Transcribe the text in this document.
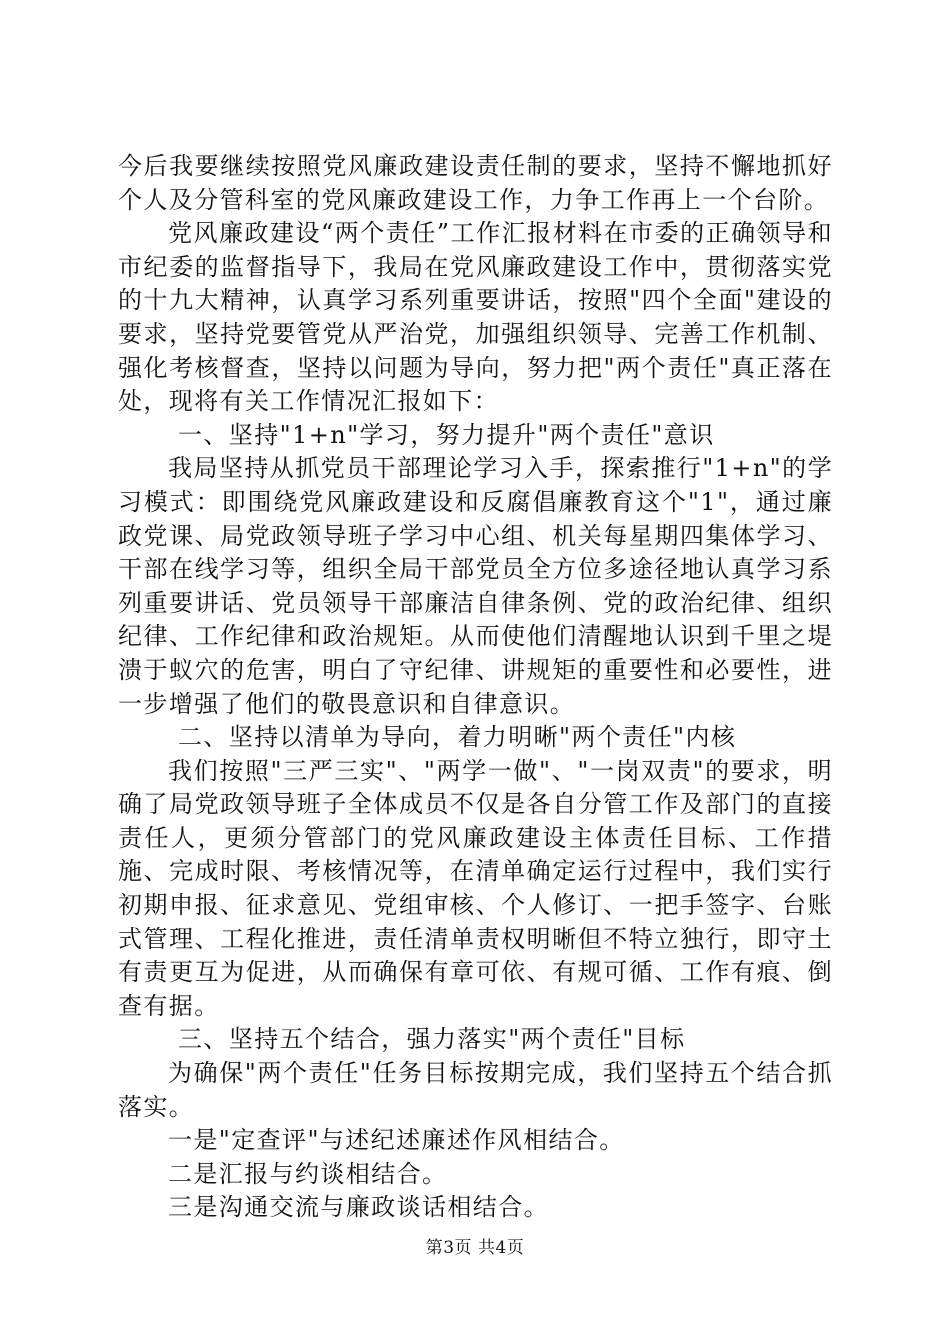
今后我要继续按照党风廉政建设责任制的要求，坚持不懈地抓好个人及分管科室的党风廉政建设工作，力争工作再上一个台阶。

党风廉政建设“两个责任”工作汇报材料在市委的正确领导和市纪委的监督指导下，我局在党风廉政建设工作中，贯彻落实党的十九大精神，认真学习系列重要讲话，按照"四个全面"建设的要求，坚持党要管党从严治党，加强组织领导、完善工作机制、强化考核督查，坚持以问题为导向，努力把"两个责任"真正落在处，现将有关工作情况汇报如下：

一、坚持"1+n"学习，努力提升"两个责任"意识

我局坚持从抓党员干部理论学习入手，探索推行"1+n"的学习模式：即围绕党风廉政建设和反腐倡廉教育这个"1"，通过廉政党课、局党政领导班子学习中心组、机关每星期四集体学习、干部在线学习等，组织全局干部党员全方位多途径地认真学习系列重要讲话、党员领导干部廉洁自律条例、党的政治纪律、组织纪律、工作纪律和政治规矩。从而使他们清醒地认识到千里之堤溃于蚁穴的危害，明白了守纪律、讲规矩的重要性和必要性，进一步增强了他们的敬畏意识和自律意识。

二、坚持以清单为导向，着力明晰"两个责任"内核

我们按照"三严三实"、"两学一做"、"一岗双责"的要求，明确了局党政领导班子全体成员不仅是各自分管工作及部门的直接责任人，更须分管部门的党风廉政建设主体责任目标、工作措施、完成时限、考核情况等，在清单确定运行过程中，我们实行初期申报、征求意见、党组审核、个人修订、一把手签字、台账式管理、工程化推进，责任清单责权明晰但不特立独行，即守土有责更互为促进，从而确保有章可依、有规可循、工作有痕、倒查有据。

三、坚持五个结合，强力落实"两个责任"目标

为确保"两个责任"任务目标按期完成，我们坚持五个结合抓落实。

一是"定查评"与述纪述廉述作风相结合。

二是汇报与约谈相结合。

三是沟通交流与廉政谈话相结合。

第3页 共4页
